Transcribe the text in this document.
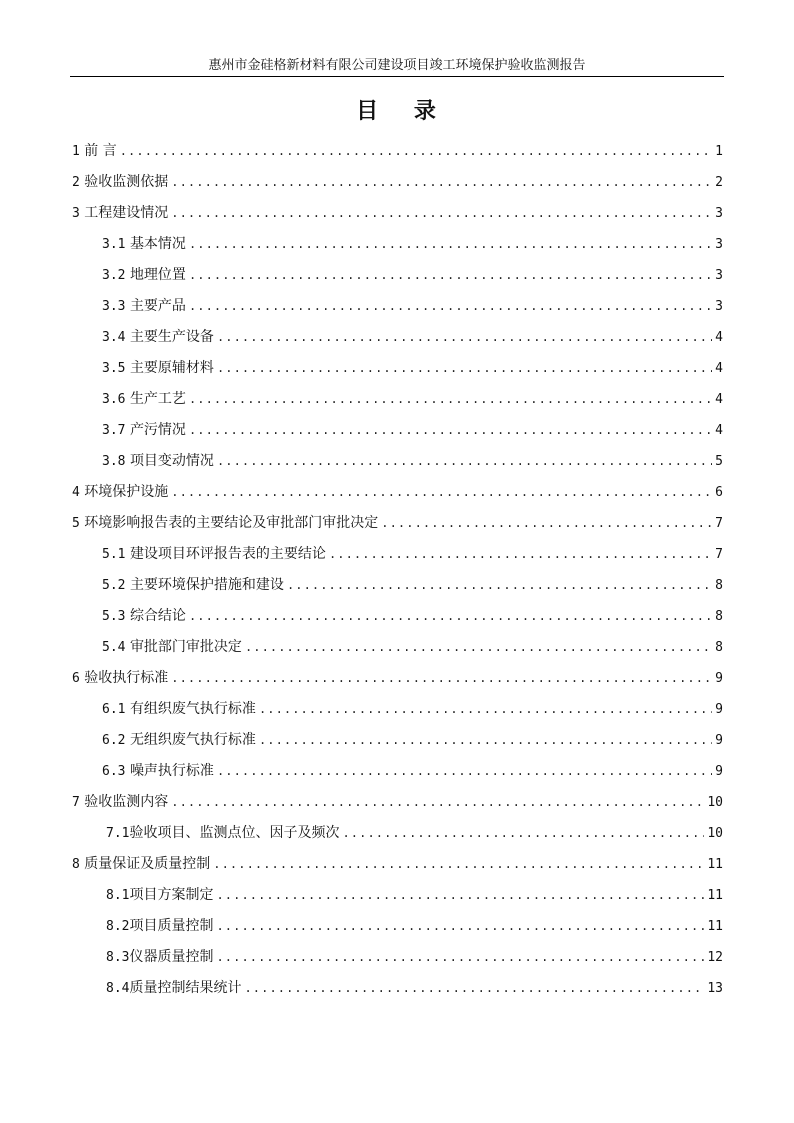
惠州市金硅格新材料有限公司建设项目竣工环境保护验收监测报告
目 录
1 前 言 .....	1
2 验收监测依据 .....	2
3 工程建设情况 .....	3
3.1 基本情况 .....	3
3.2 地理位置 .....	3
3.3 主要产品 .....	3
3.4 主要生产设备 .....	4
3.5 主要原辅材料 .....	4
3.6 生产工艺 .....	4
3.7 产污情况 .....	4
3.8 项目变动情况 .....	5
4 环境保护设施 .....	6
5 环境影响报告表的主要结论及审批部门审批决定 .....	7
5.1 建设项目环评报告表的主要结论 .....	7
5.2 主要环境保护措施和建设 .....	8
5.3 综合结论 .....	8
5.4 审批部门审批决定 .....	8
6 验收执行标准 .....	9
6.1 有组织废气执行标准 .....	9
6.2 无组织废气执行标准 .....	9
6.3 噪声执行标准 .....	9
7 验收监测内容 .....	10
7.1验收项目、监测点位、因子及频次 .....	10
8 质量保证及质量控制 .....	11
8.1项目方案制定 .....	11
8.2项目质量控制 .....	11
8.3仪器质量控制 .....	12
8.4质量控制结果统计 .....	13
